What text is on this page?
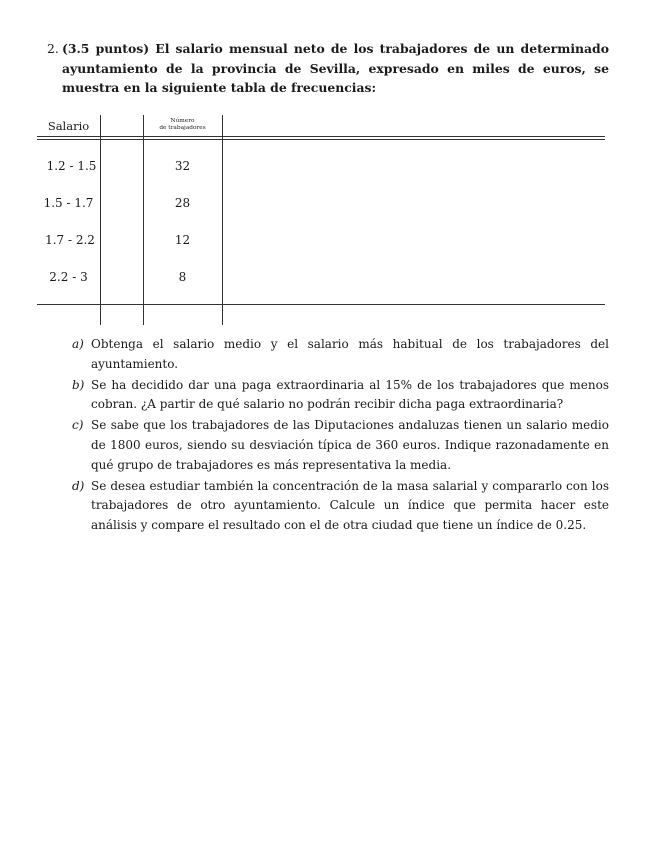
2. (3.5 puntos) El salario mensual neto de los trabajadores de un determinado ayuntamiento de la provincia de Sevilla, expresado en miles de euros, se muestra en la siguiente tabla de frecuencias:
Salario	Número
de trabajadores
1.2 - 1.5	32
1.5 - 1.7	28
1.7 - 2.2	12
2.2 - 3	8
a) Obtenga el salario medio y el salario más habitual de los trabajadores del ayuntamiento.
b) Se ha decidido dar una paga extraordinaria al 15% de los trabajadores que menos cobran. ¿A partir de qué salario no podrán recibir dicha paga extraordinaria?
c) Se sabe que los trabajadores de las Diputaciones andaluzas tienen un salario medio de 1800 euros, siendo su desviación típica de 360 euros. Indique razonadamente en qué grupo de trabajadores es más representativa la media.
d) Se desea estudiar también la concentración de la masa salarial y compararlo con los trabajadores de otro ayuntamiento. Calcule un índice que permita hacer este análisis y compare el resultado con el de otra ciudad que tiene un índice de 0.25.
